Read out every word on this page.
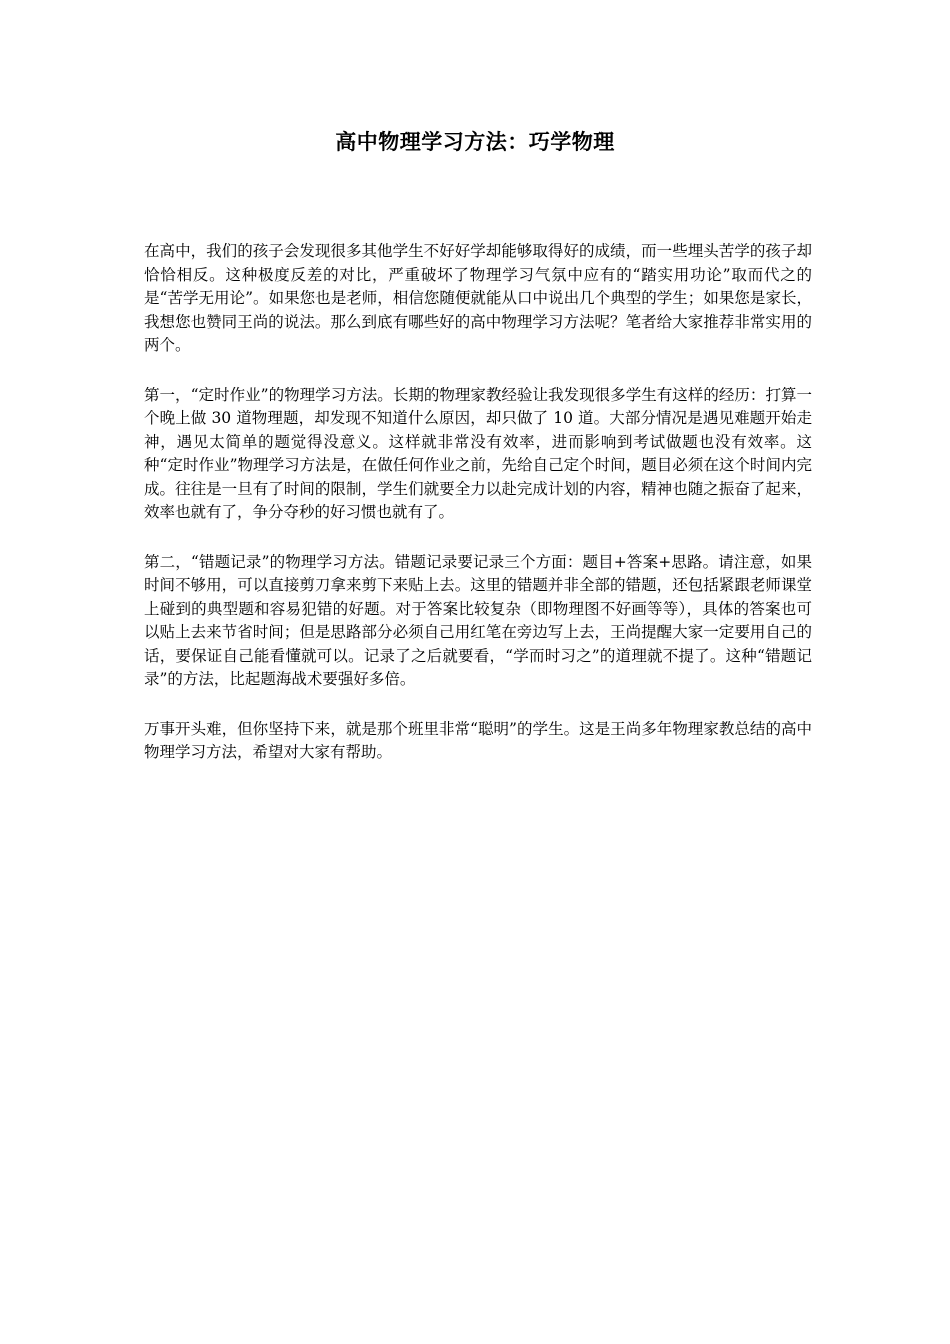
高中物理学习方法：巧学物理

在高中，我们的孩子会发现很多其他学生不好好学却能够取得好的成绩，而一些埋头苦学的孩子却恰恰相反。这种极度反差的对比，严重破坏了物理学习气氛中应有的“踏实用功论”取而代之的是“苦学无用论”。如果您也是老师，相信您随便就能从口中说出几个典型的学生；如果您是家长，我想您也赞同王尚的说法。那么到底有哪些好的高中物理学习方法呢？笔者给大家推荐非常实用的两个。

第一，“定时作业”的物理学习方法。长期的物理家教经验让我发现很多学生有这样的经历：打算一个晚上做 30 道物理题，却发现不知道什么原因，却只做了 10 道。大部分情况是遇见难题开始走神，遇见太简单的题觉得没意义。这样就非常没有效率，进而影响到考试做题也没有效率。这种“定时作业”物理学习方法是，在做任何作业之前，先给自己定个时间，题目必须在这个时间内完成。往往是一旦有了时间的限制，学生们就要全力以赴完成计划的内容，精神也随之振奋了起来，效率也就有了，争分夺秒的好习惯也就有了。

第二，“错题记录”的物理学习方法。错题记录要记录三个方面：题目+答案+思路。请注意，如果时间不够用，可以直接剪刀拿来剪下来贴上去。这里的错题并非全部的错题，还包括紧跟老师课堂上碰到的典型题和容易犯错的好题。对于答案比较复杂（即物理图不好画等等），具体的答案也可以贴上去来节省时间；但是思路部分必须自己用红笔在旁边写上去，王尚提醒大家一定要用自己的话，要保证自己能看懂就可以。记录了之后就要看，“学而时习之”的道理就不提了。这种“错题记录”的方法，比起题海战术要强好多倍。

万事开头难，但你坚持下来，就是那个班里非常“聪明”的学生。这是王尚多年物理家教总结的高中物理学习方法，希望对大家有帮助。
